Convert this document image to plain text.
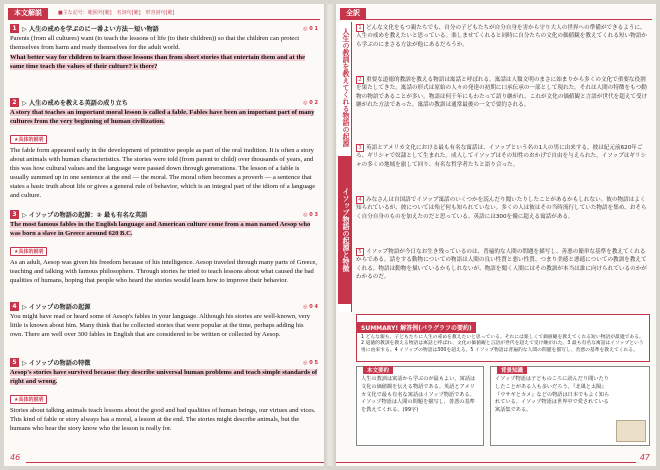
本文解説	■主な記号：範囲外[範]　名詞句[範]　形容詞句[範]
1 ▷ 人生の戒めを学ぶのに一番よい方法－短い物語	◎ 0 1
Parents (from all cultures) want (to teach the lessons of life (to their children)) so that the children can protect themselves from harm and ready themselves for the adult world.
What better way for children to learn those lessons than from short stories that entertain them and at the same time teach the values of their culture? is there?
2 ▷ 人生の戒めを教える英語の成り立ち	◎ 0 2
A story that teaches an important moral lesson is called a fable. Fables have been an important part of many cultures from the very beginning of human civilization.
★具体的説明
The fable form appeared early in the development of primitive people as part of the oral tradition. It is often a story about animals with human characteristics. The stories were told (from parent to child) over thousands of years, and this was how cultural values and the language were passed down through generations. The lesson of a fable is usually summed up in one sentence at the end — the moral. The moral often becomes a proverb — a sentence that states a basic truth about life or gives a general rule of behavior, which is an integral part of the idiom of a language and culture.
3 ▷ イソップの物語の起源：② 最も有名な英語	◎ 0 3
The most famous fables in the English language and American culture come from a man named Aesop who was born a slave in Greece around 620 B.C.
★具体的説明
As an adult, Aesop was given his freedom because of his intelligence. Aesop traveled through many parts of Greece, teaching and talking with famous philosophers. Through stories he tried to teach lessons about what caused the bad qualities of humans, hoping that people who heard the stories would learn how to improve their behavior.
4 ▷ イソップの物語の起源	◎ 0 4
You might have read or heard some of Aesop's fables in your language. Although his stories are well-known, very little is known about him. Many think that he collected stories that were popular at the time, perhaps adding his own. There are well over 300 fables in English that are considered to be written or collected by Aesop.
5 ▷ イソップの物語の特徴	◎ 0 5
Aesop's stories have survived because they describe universal human problems and teach simple standards of right and wrong.
★具体的説明
Stories about talking animals teach lessons about the good and bad qualities of human beings, our virtues and vices. This kind of fable or story always has a moral, a lesson at the end. The stories might describe animals, but the humans who hear the story know who the lesson is really for.
46
全訳
人生の教訓を教えてくれる物語の起源
イソップ物語の起源と特徴
1 どんな文化をもつ親たちでも、自分の子どもたちが自分自身を害から守り大人の世界への準備ができるように、人生の戒めを教えたいと思っている。楽しませてくれると同時に自分たちの文化の価値観を教えてくれる短い物語から学ぶのにまさる方法が他にあるだろうか。
2 重要な道徳的教訓を教える物語は寓話と呼ばれる。寓話は人類文明のまさに始まりから多くの文化で重要な役割を果たしてきた。寓話の形式は原始の人々の発達の初期に口承伝承の一部として現れた。それは人間の特徴をもつ動物の物語であることが多い。物語は何千年にもわたって語り継がれ、これが文化の価値観と言語が世代を超えて受け継がれた方法であった。寓話の教訓は通常最後の一文で要約される。
3 英語とアメリカ文化における最も有名な寓話は、イソップという名の1人の男に由来する。彼は紀元前620年ごろ、ギリシャで奴隷として生まれた。成人してイソップはその知性のおかげで自由を与えられた。イソップはギリシャの多くの地域を旅して回り、有名な哲学者たちと語り合った。
4 みなさんは自国語でイソップ寓話のいくつかを読んだり聞いたりしたことがあるかもしれない。彼の物語はよく知られているが、彼については殆ど何も知られていない。多くの人は彼はその当時流行していた物語を集め、おそらく自分自身のものを加えたのだと思っている。英語には300を優に超える寓話がある。
5 イソップ物語が今日なお生き残っているのは、普遍的な人間の問題を描写し、善悪の簡単な基準を教えてくれるからである。話をする動物についての物語は人間の良い性質と悪い性質、つまり美徳と悪徳についての教訓を教えてくれる。物語は動物を描いているかもしれないが、物語を聞く人間にはその教訓が本当は誰に向けられているのかがわかるのだ。
SUMMARY! 解答例(パラグラフの要約)
1 どんな親も、子どもたちに人生の戒めを教えたいと思っている。それには楽しくて価値観を教えてくれる短い物語が最適である。2 道徳的教訓を教える物語は寓話と呼ばれ、文化の価値観と言語が世代を超えて受け継がれた。3 最も有名な寓話はイソップという男に由来する。4 イソップの物語は300を超える。5 イソップ物語は普遍的な人間の問題を描写し、善悪の基準を教えてくれる。
本文要約
人生の教訓は寓話から学ぶのが最もよい。寓話は文化の価値観を伝える物語である。英語とアメリカ文化で最も有名な寓話はイソップ物語である。イソップ物語は人間の問題を描写し、善悪の基準を教えてくれる。(99字)
背景知識
イソップ物語は子どものころに読んだり聞いたりしたことがある人も多いだろう。『北風と太陽』『ウサギとカメ』などの物語は日本でもよく知られている。イソップ物語は世界中で愛されている寓話集である。
47
